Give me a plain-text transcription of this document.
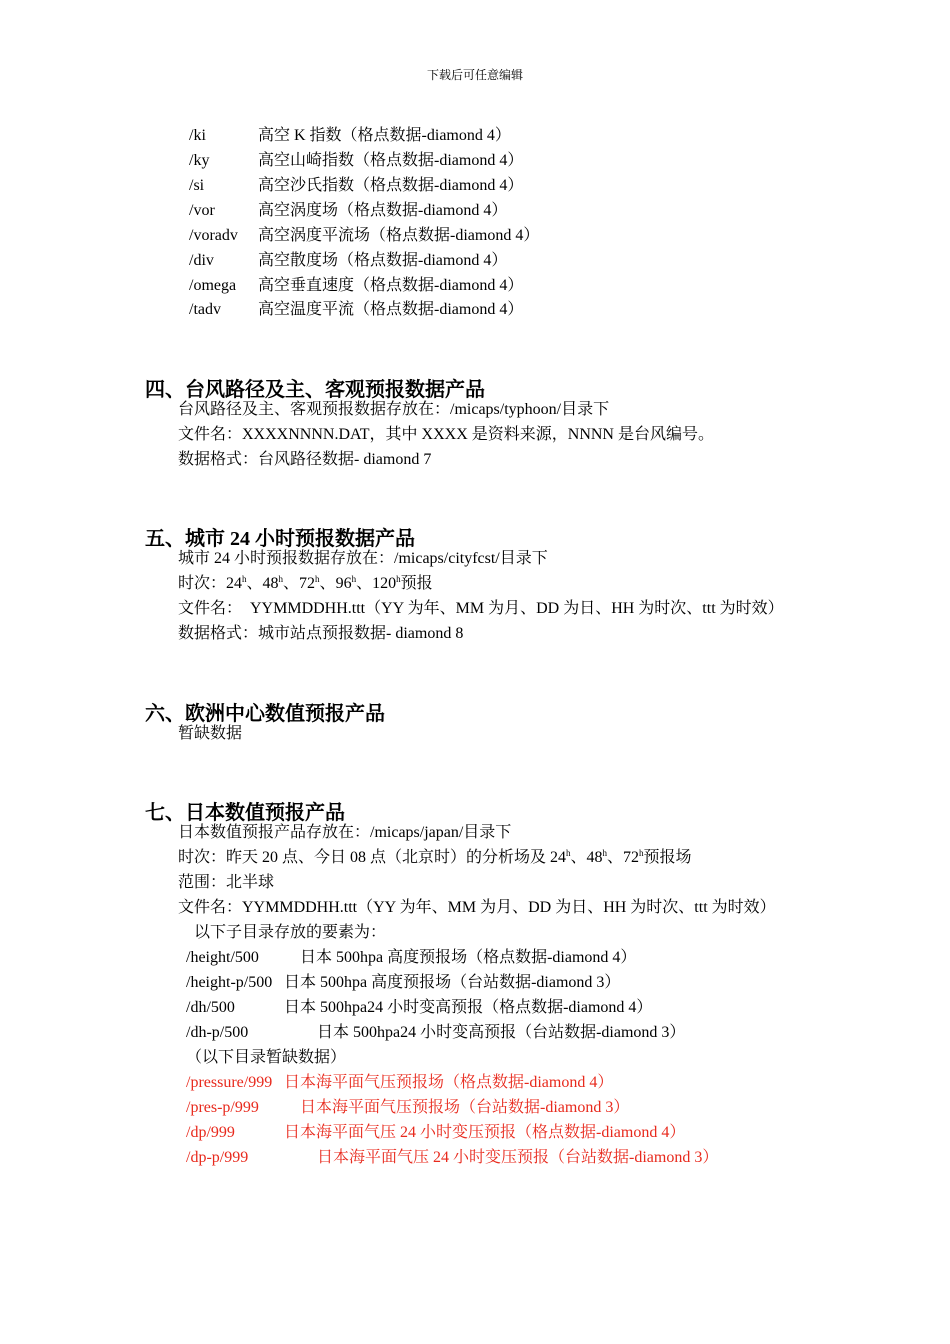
下载后可任意编辑
/ki	高空 K 指数（格点数据-diamond 4）
/ky	高空山崎指数（格点数据-diamond 4）
/si	高空沙氏指数（格点数据-diamond 4）
/vor	高空涡度场（格点数据-diamond 4）
/voradv 高空涡度平流场（格点数据-diamond 4）
/div	高空散度场（格点数据-diamond 4）
/omega 高空垂直速度（格点数据-diamond 4）
/tadv 高空温度平流（格点数据-diamond 4）
四、台风路径及主、客观预报数据产品
台风路径及主、客观预报数据存放在：/micaps/typhoon/目录下
文件名：XXXXNNNN.DAT，其中 XXXX 是资料来源，NNNN 是台风编号。
数据格式：台风路径数据- diamond 7
五、城市 24 小时预报数据产品
城市 24 小时预报数据存放在：/micaps/cityfcst/目录下
时次：24$^h$、48$^h$、72$^h$、96$^h$、120$^h$预报
文件名：  YYMMDDHH.ttt（YY 为年、MM 为月、DD 为日、HH 为时次、ttt 为时效）
数据格式：城市站点预报数据- diamond 8
六、欧洲中心数值预报产品
暂缺数据
七、日本数值预报产品
日本数值预报产品存放在：/micaps/japan/目录下
时次：昨天 20 点、今日 08 点（北京时）的分析场及 24$^h$、48$^h$、72$^h$预报场
范围：北半球
文件名：YYMMDDHH.ttt（YY 为年、MM 为月、DD 为日、HH 为时次、ttt 为时效）
以下子目录存放的要素为：
/height/500	日本 500hpa 高度预报场（格点数据-diamond 4）
/height-p/500 日本 500hpa 高度预报场（台站数据-diamond 3）
/dh/500	日本 500hpa24 小时变高预报（格点数据-diamond 4）
/dh-p/500	日本 500hpa24 小时变高预报（台站数据-diamond 3）
（以下目录暂缺数据）
/pressure/999 日本海平面气压预报场（格点数据-diamond 4）
/pres-p/999	日本海平面气压预报场（台站数据-diamond 3）
/dp/999	日本海平面气压 24 小时变压预报（格点数据-diamond 4）
/dp-p/999	日本海平面气压 24 小时变压预报（台站数据-diamond 3）
